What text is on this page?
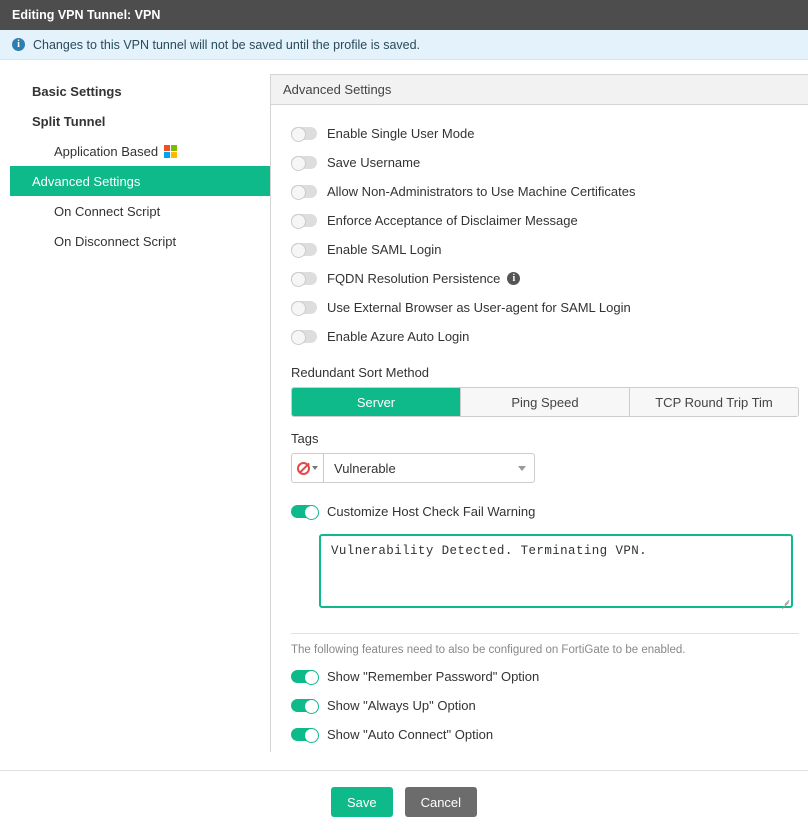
Editing VPN Tunnel: VPN
i	Changes to this VPN tunnel will not be saved until the profile is saved.
Basic Settings
Split Tunnel
Application Based
Advanced Settings
On Connect Script
On Disconnect Script
Advanced Settings
Enable Single User Mode
Save Username
Allow Non-Administrators to Use Machine Certificates
Enforce Acceptance of Disclaimer Message
Enable SAML Login
FQDN Resolution Persistence	i
Use External Browser as User-agent for SAML Login
Enable Azure Auto Login
Redundant Sort Method
Server	Ping Speed	TCP Round Trip Tim
Tags
Vulnerable
Customize Host Check Fail Warning
Vulnerability Detected. Terminating VPN.
The following features need to also be configured on FortiGate to be enabled.
Show "Remember Password" Option
Show "Always Up" Option
Show "Auto Connect" Option
Save	Cancel
